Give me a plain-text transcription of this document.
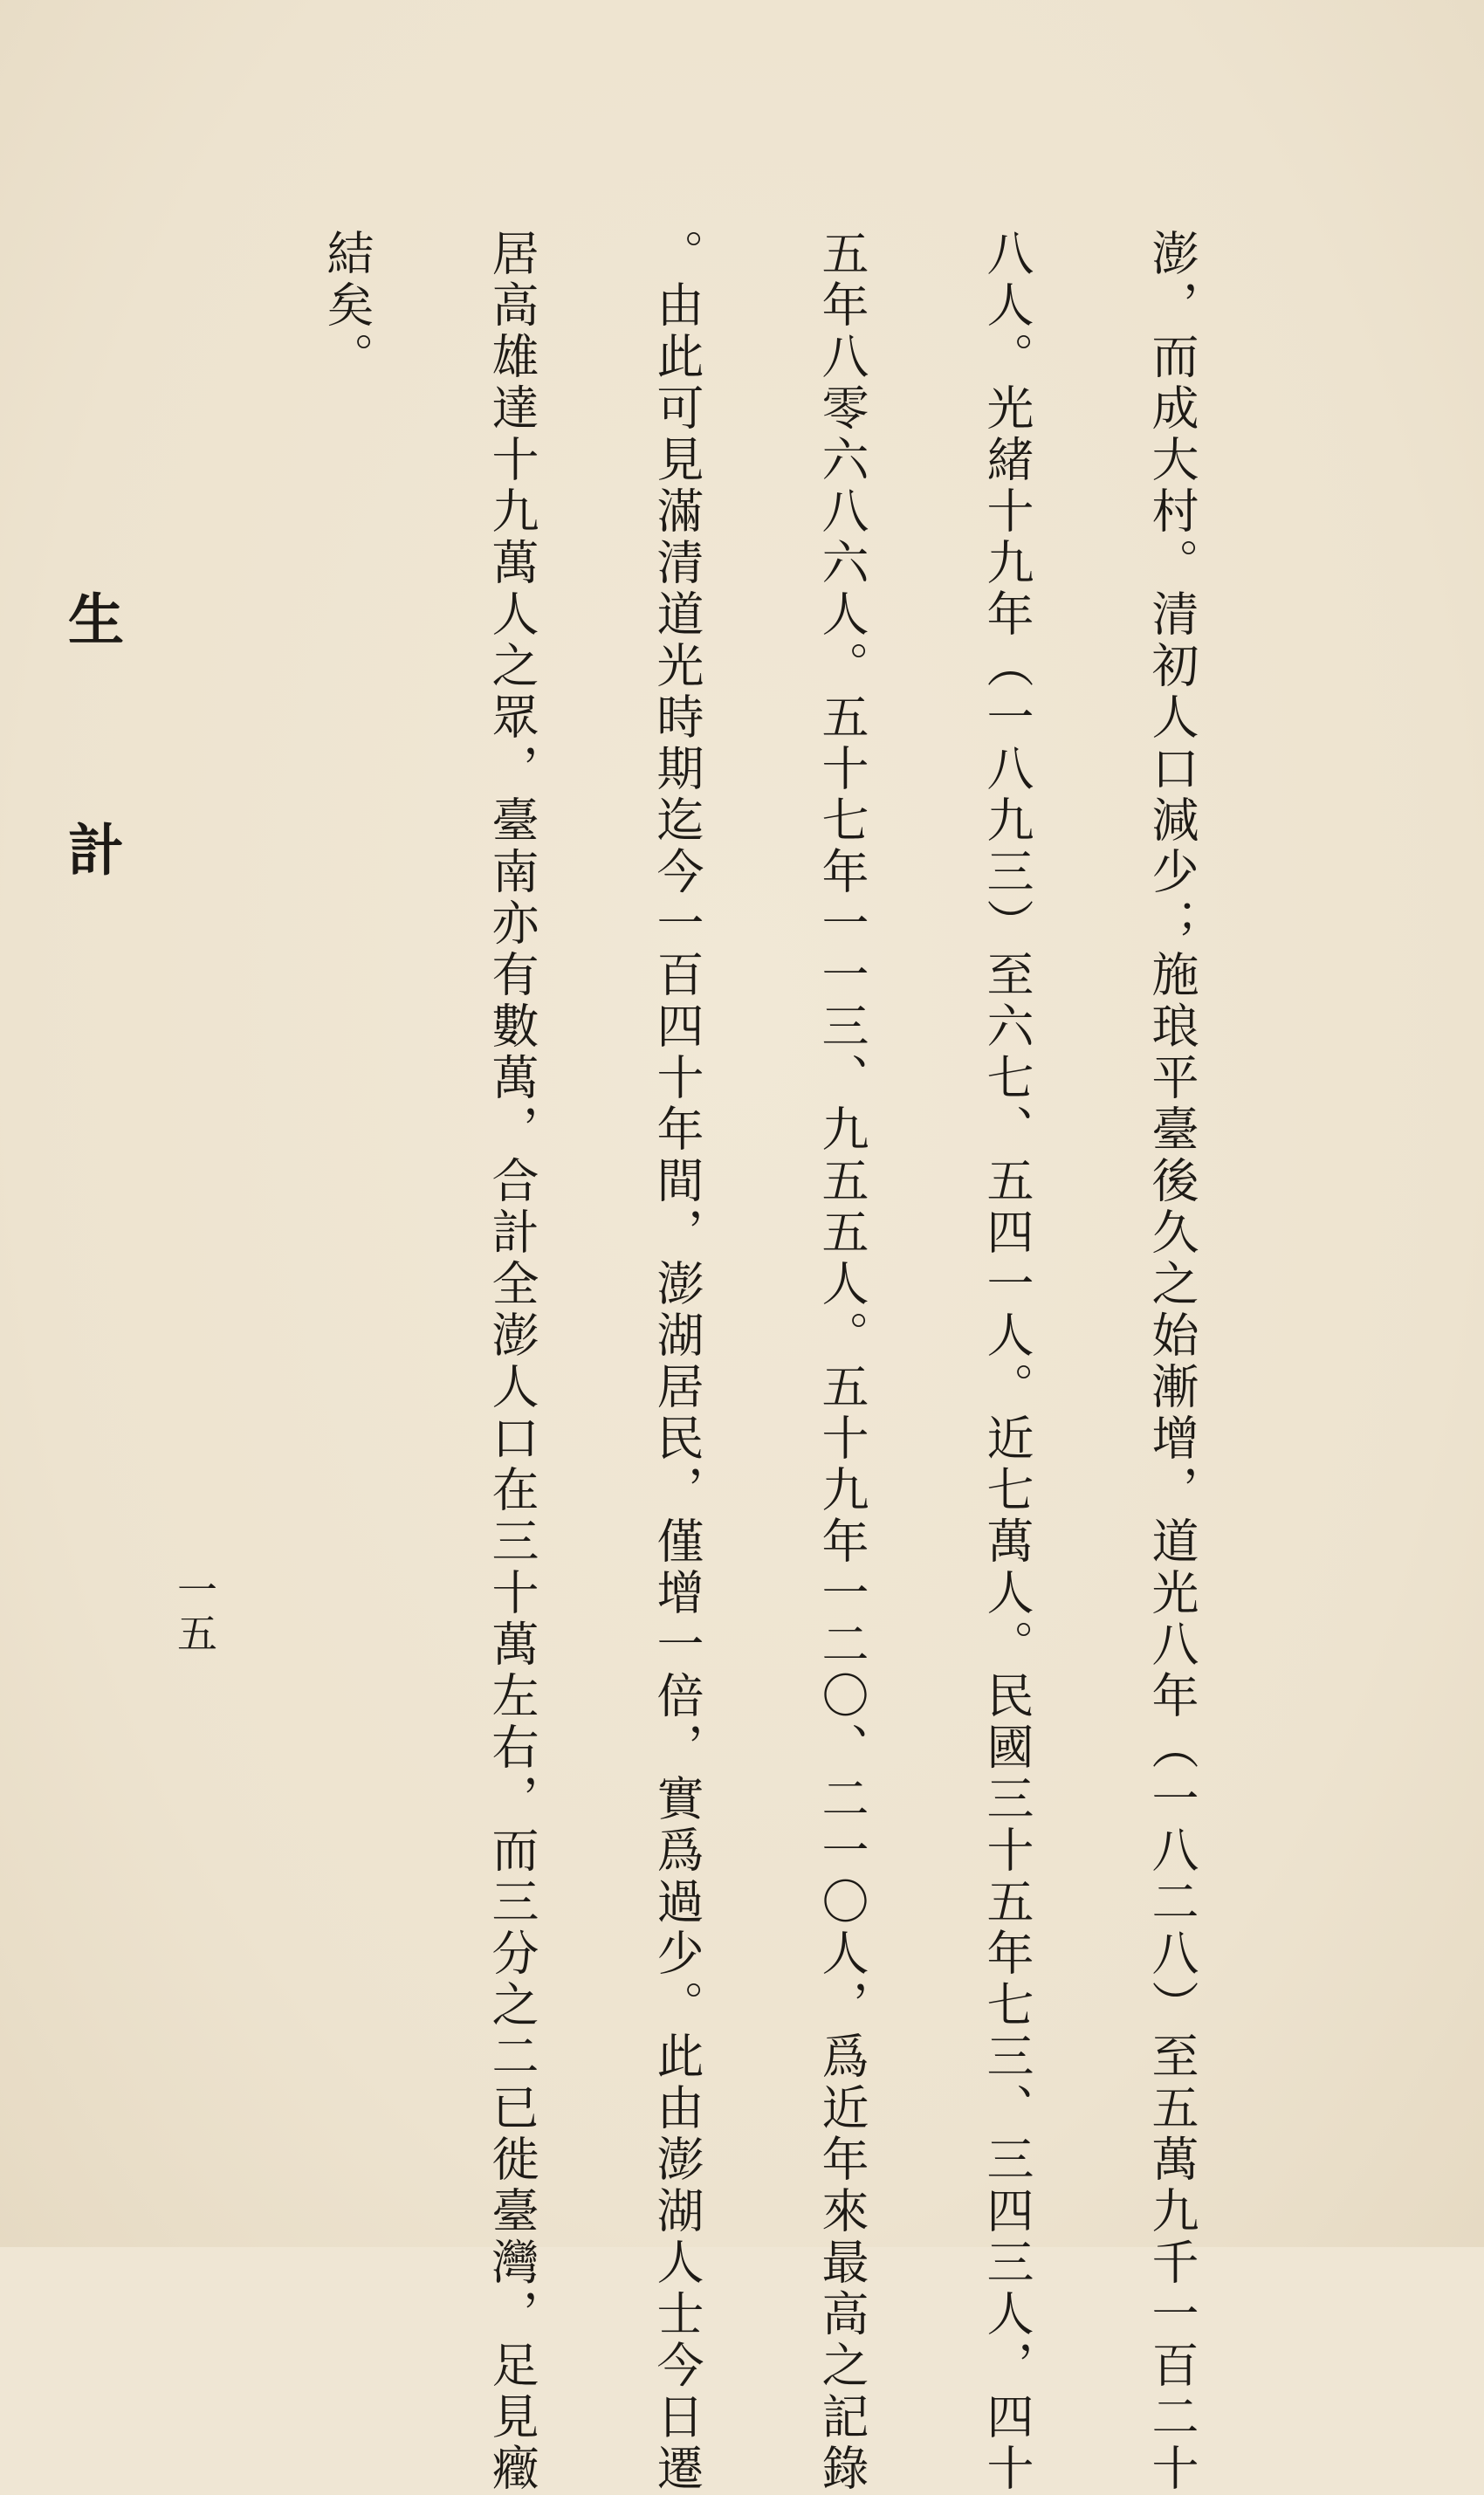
澎，而成大村。清初人口減少；施琅平臺後久之始漸增，道光八年（一八二八）至五萬九千一百二十

八人。光緒十九年（一八九三）至六七、五四一人。近七萬人。民國三十五年七三、三四三人，四十

五年八零六八六人。五十七年一一三、九五五人。五十九年一二〇、二一〇人，爲近年來最高之記錄

。由此可見滿清道光時期迄今一百四十年間，澎湖居民，僅增一倍，實爲過少。此由澎湖人士今日遷

居高雄達十九萬人之眾，臺南亦有數萬，合計全澎人口在三十萬左右，而三分之二已徙臺灣，足見癥

結矣。

生計

一五
